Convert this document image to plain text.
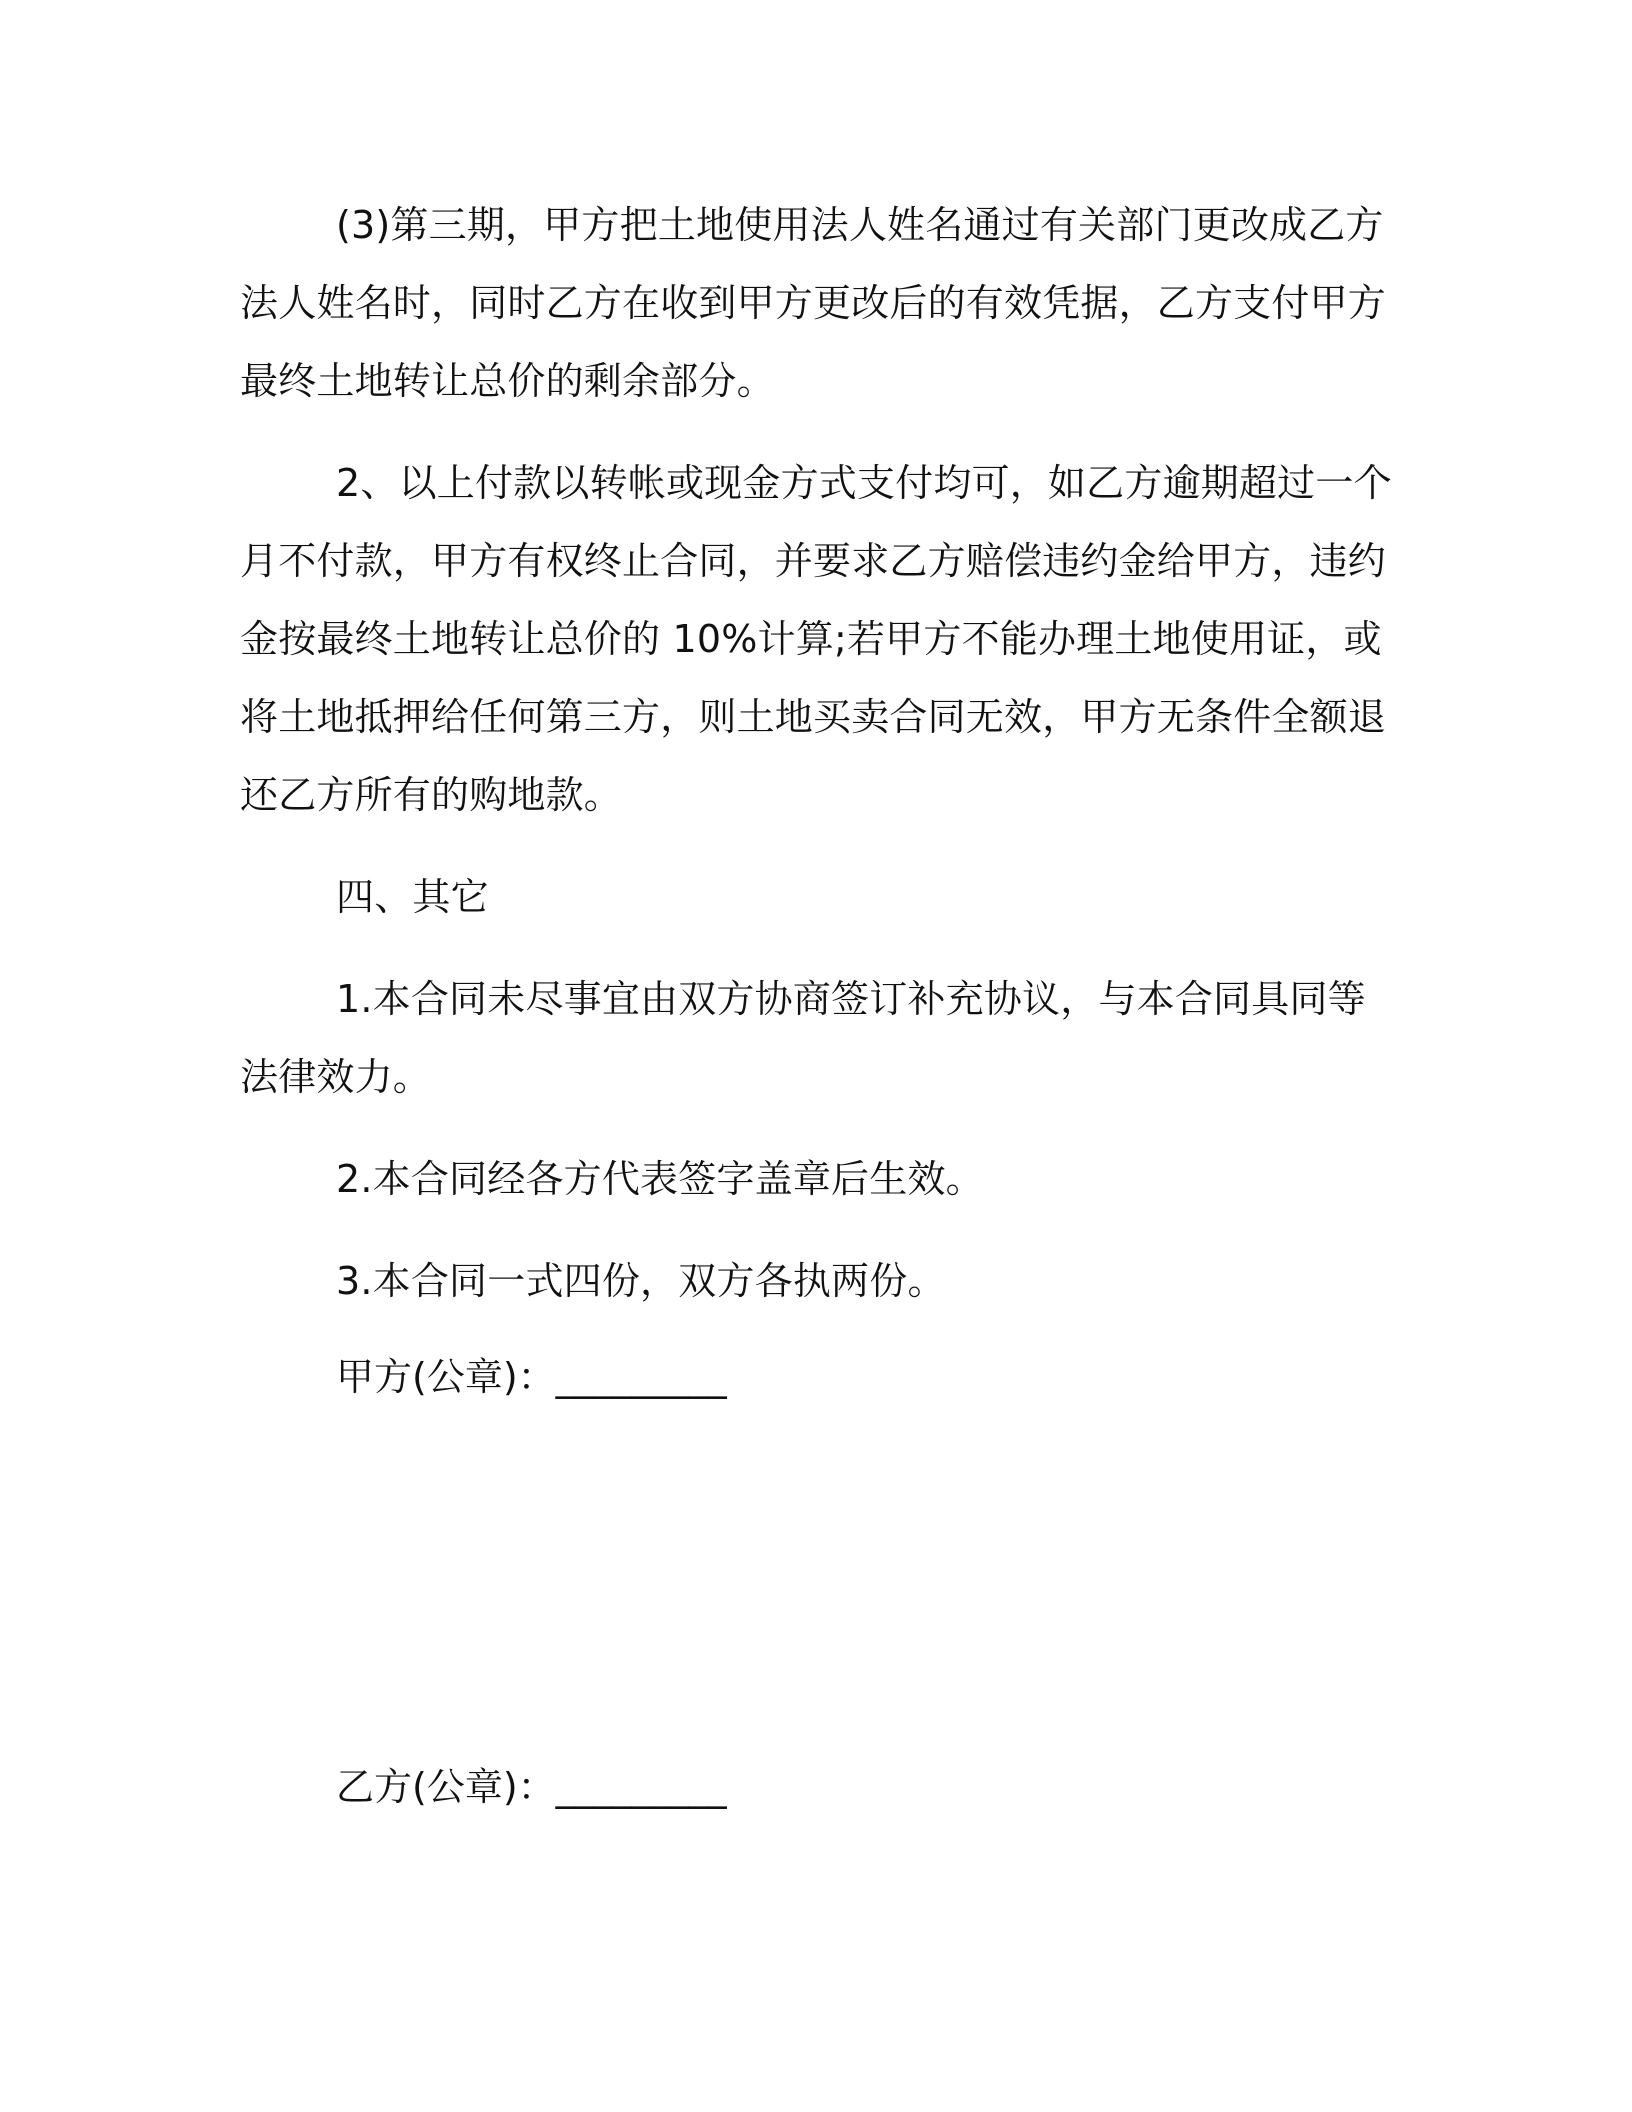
(3)第三期，甲方把土地使用法人姓名通过有关部门更改成乙方法人姓名时，同时乙方在收到甲方更改后的有效凭据，乙方支付甲方最终土地转让总价的剩余部分。

2、以上付款以转帐或现金方式支付均可，如乙方逾期超过一个月不付款，甲方有权终止合同，并要求乙方赔偿违约金给甲方，违约金按最终土地转让总价的 10%计算;若甲方不能办理土地使用证，或将土地抵押给任何第三方，则土地买卖合同无效，甲方无条件全额退还乙方所有的购地款。

四、其它

1.本合同未尽事宜由双方协商签订补充协议，与本合同具同等法律效力。

2.本合同经各方代表签字盖章后生效。

3.本合同一式四份，双方各执两份。

甲方(公章)：_________

乙方(公章)：_________
